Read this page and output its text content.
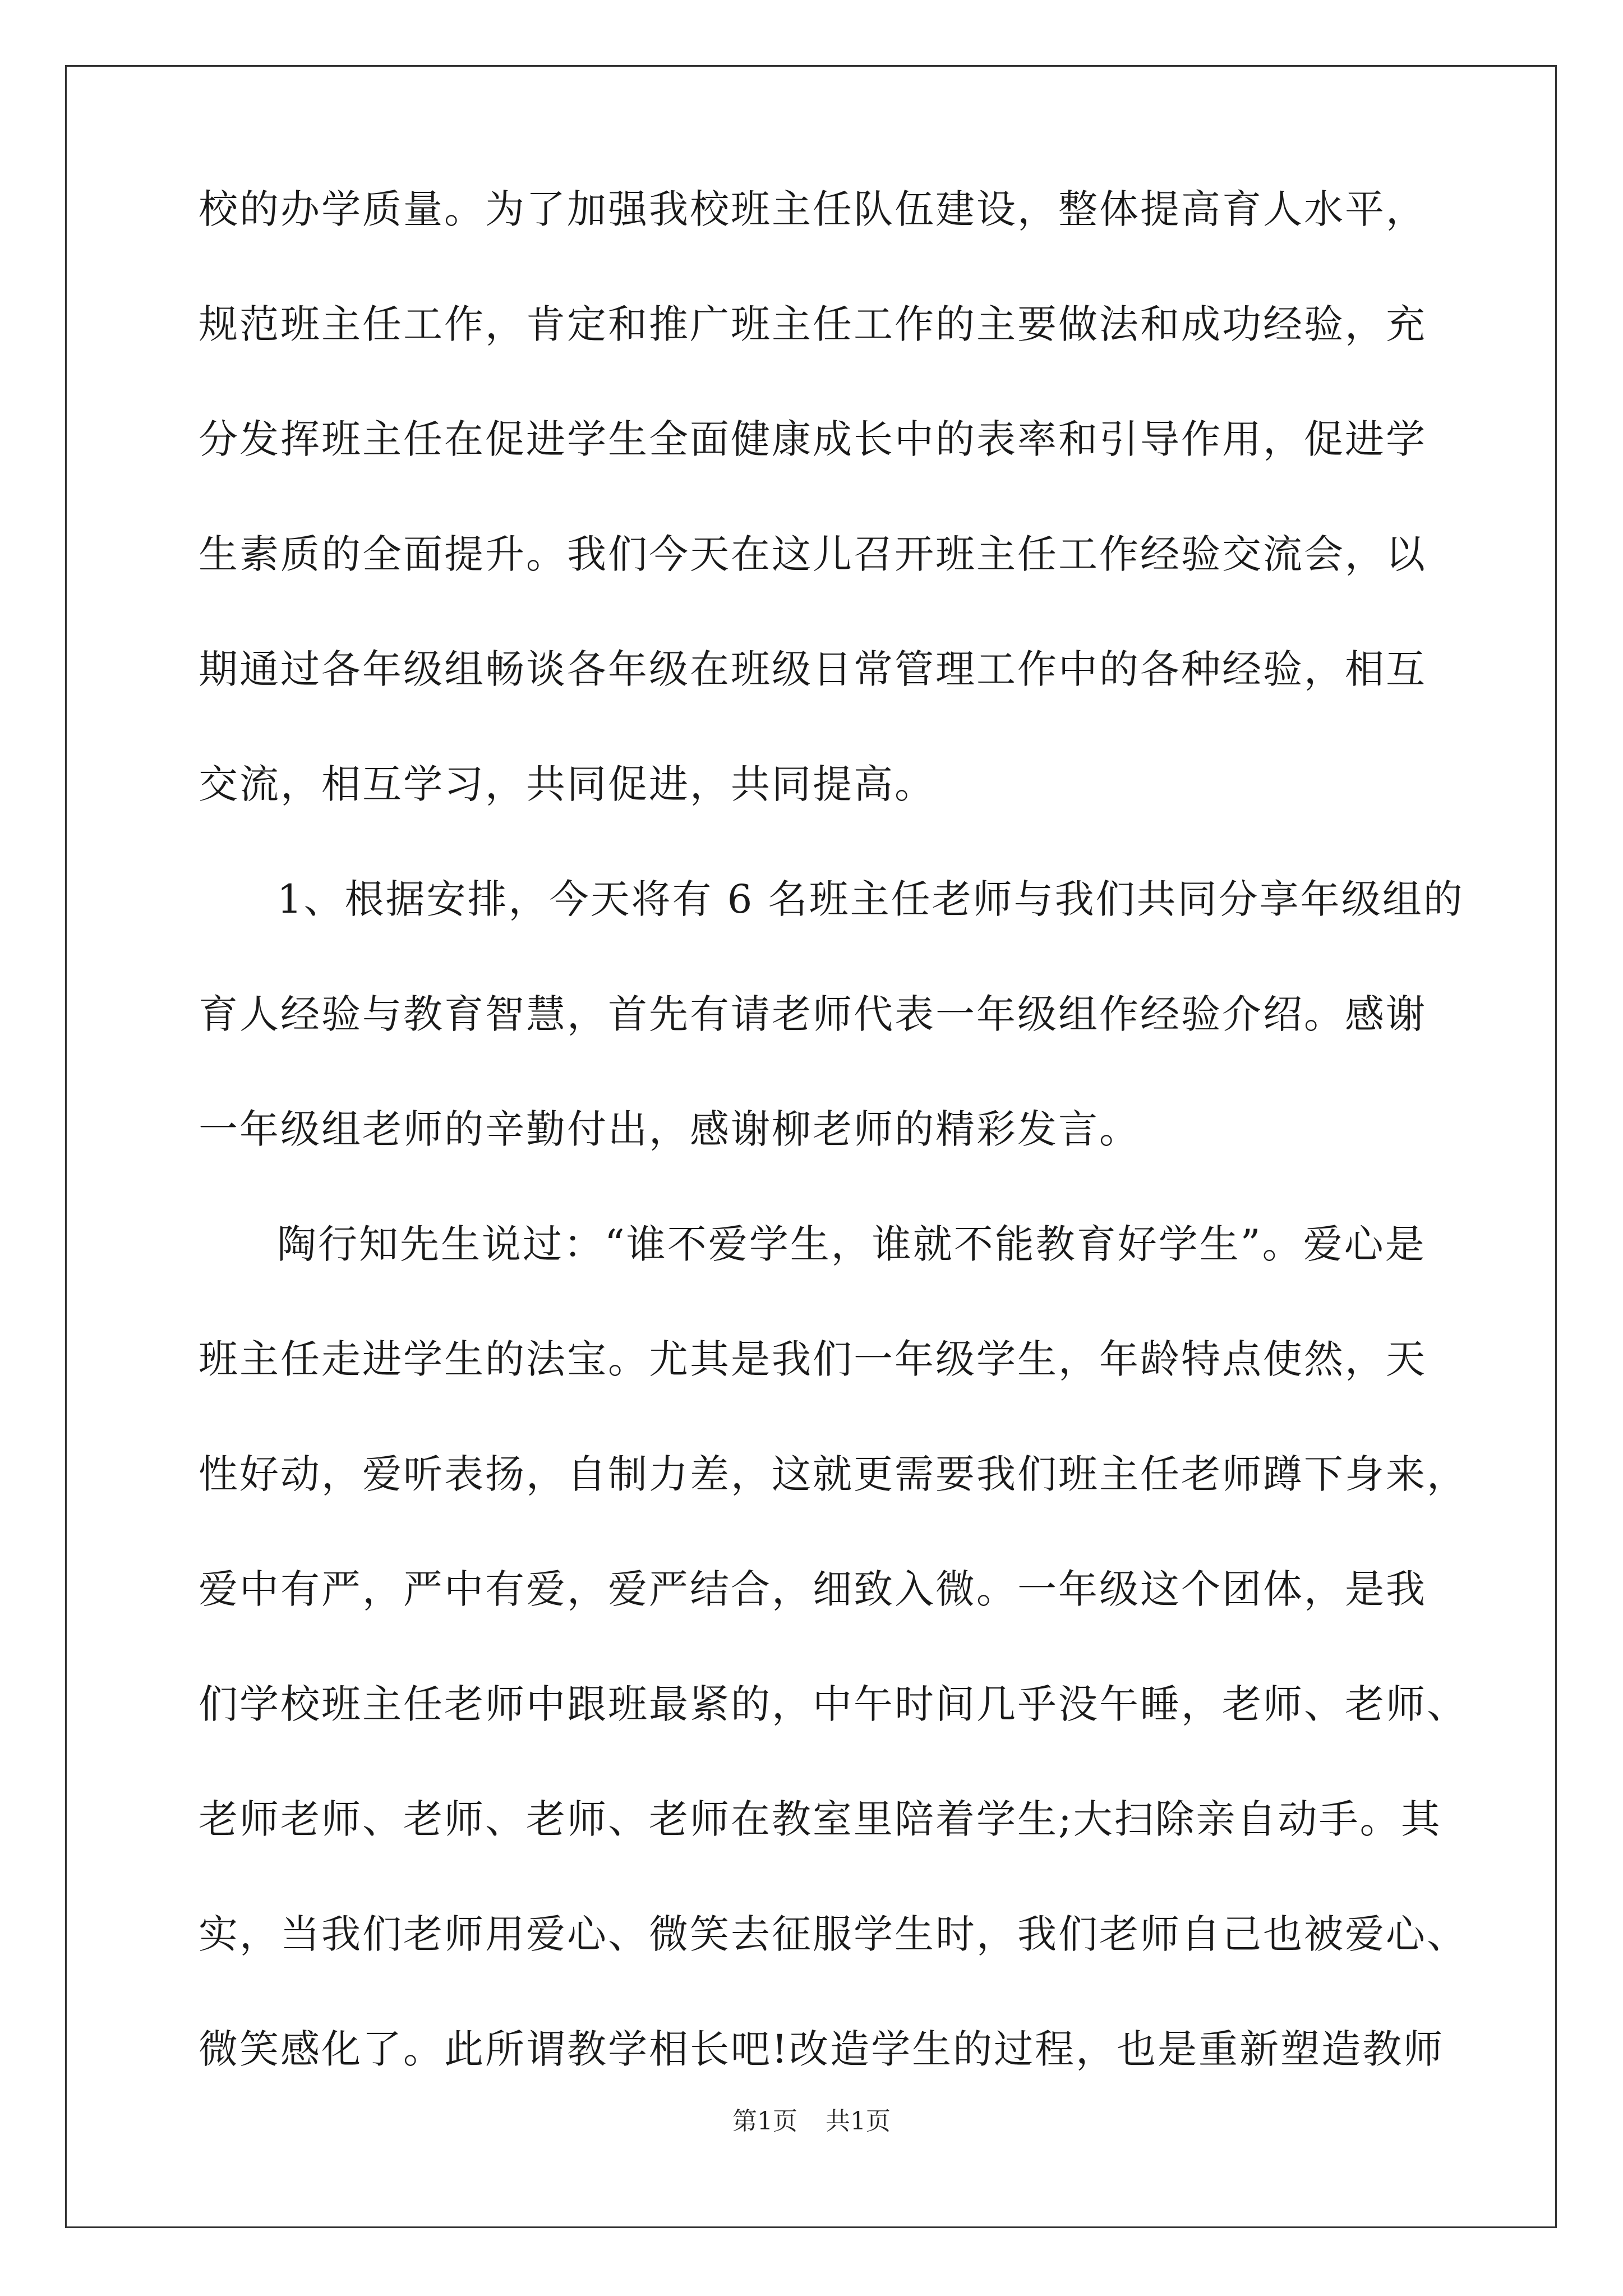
校的办学质量。为了加强我校班主任队伍建设，整体提高育人水平，
规范班主任工作，肯定和推广班主任工作的主要做法和成功经验，充
分发挥班主任在促进学生全面健康成长中的表率和引导作用，促进学
生素质的全面提升。我们今天在这儿召开班主任工作经验交流会，以
期通过各年级组畅谈各年级在班级日常管理工作中的各种经验，相互
交流，相互学习，共同促进，共同提高。
1、根据安排，今天将有 6 名班主任老师与我们共同分享年级组的
育人经验与教育智慧，首先有请老师代表一年级组作经验介绍。感谢
一年级组老师的辛勤付出，感谢柳老师的精彩发言。
陶行知先生说过：“谁不爱学生，谁就不能教育好学生”。爱心是
班主任走进学生的法宝。尤其是我们一年级学生，年龄特点使然，天
性好动，爱听表扬，自制力差，这就更需要我们班主任老师蹲下身来，
爱中有严，严中有爱，爱严结合，细致入微。一年级这个团体，是我
们学校班主任老师中跟班最紧的，中午时间几乎没午睡，老师、老师、
老师老师、老师、老师、老师在教室里陪着学生;大扫除亲自动手。其
实，当我们老师用爱心、微笑去征服学生时，我们老师自己也被爱心、
微笑感化了。此所谓教学相长吧!改造学生的过程，也是重新塑造教师
第1页 共1页
